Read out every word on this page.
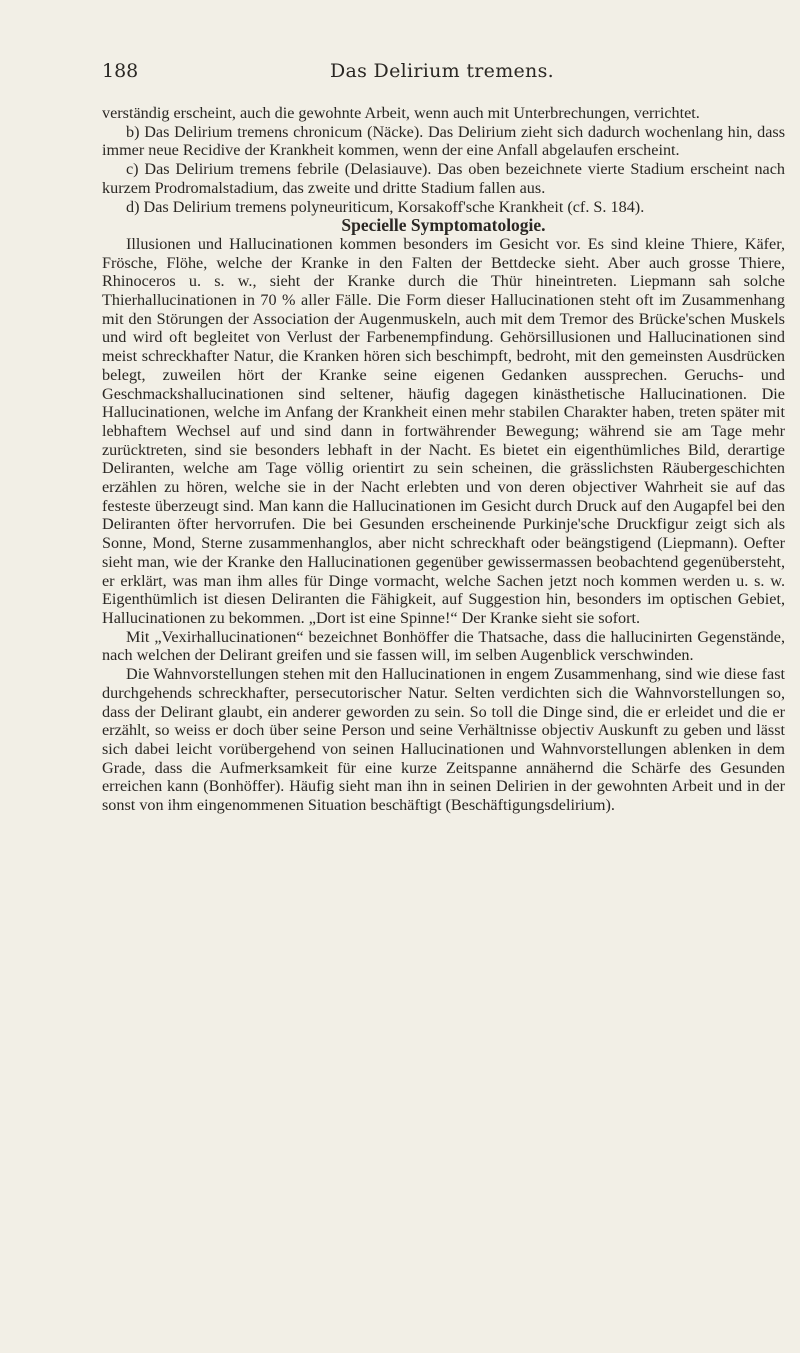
188	Das Delirium tremens.

verständig erscheint, auch die gewohnte Arbeit, wenn auch mit Unterbrechungen, verrichtet.

b) Das Delirium tremens chronicum (Näcke). Das Delirium zieht sich dadurch wochenlang hin, dass immer neue Recidive der Krankheit kommen, wenn der eine Anfall abgelaufen erscheint.

c) Das Delirium tremens febrile (Delasiauve). Das oben bezeichnete vierte Stadium erscheint nach kurzem Prodromalstadium, das zweite und dritte Stadium fallen aus.

d) Das Delirium tremens polyneuriticum, Korsakoff'sche Krankheit (cf. S. 184).

Specielle Symptomatologie.

Illusionen und Hallucinationen kommen besonders im Gesicht vor. Es sind kleine Thiere, Käfer, Frösche, Flöhe, welche der Kranke in den Falten der Bettdecke sieht. Aber auch grosse Thiere, Rhinoceros u. s. w., sieht der Kranke durch die Thür hineintreten. Liepmann sah solche Thierhallucinationen in 70 % aller Fälle. Die Form dieser Hallucinationen steht oft im Zusammenhang mit den Störungen der Association der Augenmuskeln, auch mit dem Tremor des Brücke'schen Muskels und wird oft begleitet von Verlust der Farbenempfindung. Gehörsillusionen und Hallucinationen sind meist schreckhafter Natur, die Kranken hören sich beschimpft, bedroht, mit den gemeinsten Ausdrücken belegt, zuweilen hört der Kranke seine eigenen Gedanken aussprechen. Geruchs- und Geschmackshallucinationen sind seltener, häufig dagegen kinästhetische Hallucinationen. Die Hallucinationen, welche im Anfang der Krankheit einen mehr stabilen Charakter haben, treten später mit lebhaftem Wechsel auf und sind dann in fortwährender Bewegung; während sie am Tage mehr zurücktreten, sind sie besonders lebhaft in der Nacht. Es bietet ein eigenthümliches Bild, derartige Deliranten, welche am Tage völlig orientirt zu sein scheinen, die grässlichsten Räubergeschichten erzählen zu hören, welche sie in der Nacht erlebten und von deren objectiver Wahrheit sie auf das festeste überzeugt sind. Man kann die Hallucinationen im Gesicht durch Druck auf den Augapfel bei den Deliranten öfter hervorrufen. Die bei Gesunden erscheinende Purkinje'sche Druckfigur zeigt sich als Sonne, Mond, Sterne zusammenhanglos, aber nicht schreckhaft oder beängstigend (Liepmann). Oefter sieht man, wie der Kranke den Hallucinationen gegenüber gewissermassen beobachtend gegenübersteht, er erklärt, was man ihm alles für Dinge vormacht, welche Sachen jetzt noch kommen werden u. s. w. Eigenthümlich ist diesen Deliranten die Fähigkeit, auf Suggestion hin, besonders im optischen Gebiet, Hallucinationen zu bekommen. „Dort ist eine Spinne!“ Der Kranke sieht sie sofort.

Mit „Vexirhallucinationen“ bezeichnet Bonhöffer die Thatsache, dass die hallucinirten Gegenstände, nach welchen der Delirant greifen und sie fassen will, im selben Augenblick verschwinden.

Die Wahnvorstellungen stehen mit den Hallucinationen in engem Zusammenhang, sind wie diese fast durchgehends schreckhafter, persecutorischer Natur. Selten verdichten sich die Wahnvorstellungen so, dass der Delirant glaubt, ein anderer geworden zu sein. So toll die Dinge sind, die er erleidet und die er erzählt, so weiss er doch über seine Person und seine Verhältnisse objectiv Auskunft zu geben und lässt sich dabei leicht vorübergehend von seinen Hallucinationen und Wahnvorstellungen ablenken in dem Grade, dass die Aufmerksamkeit für eine kurze Zeitspanne annähernd die Schärfe des Gesunden erreichen kann (Bonhöffer). Häufig sieht man ihn in seinen Delirien in der gewohnten Arbeit und in der sonst von ihm eingenommenen Situation beschäftigt (Beschäftigungsdelirium).
